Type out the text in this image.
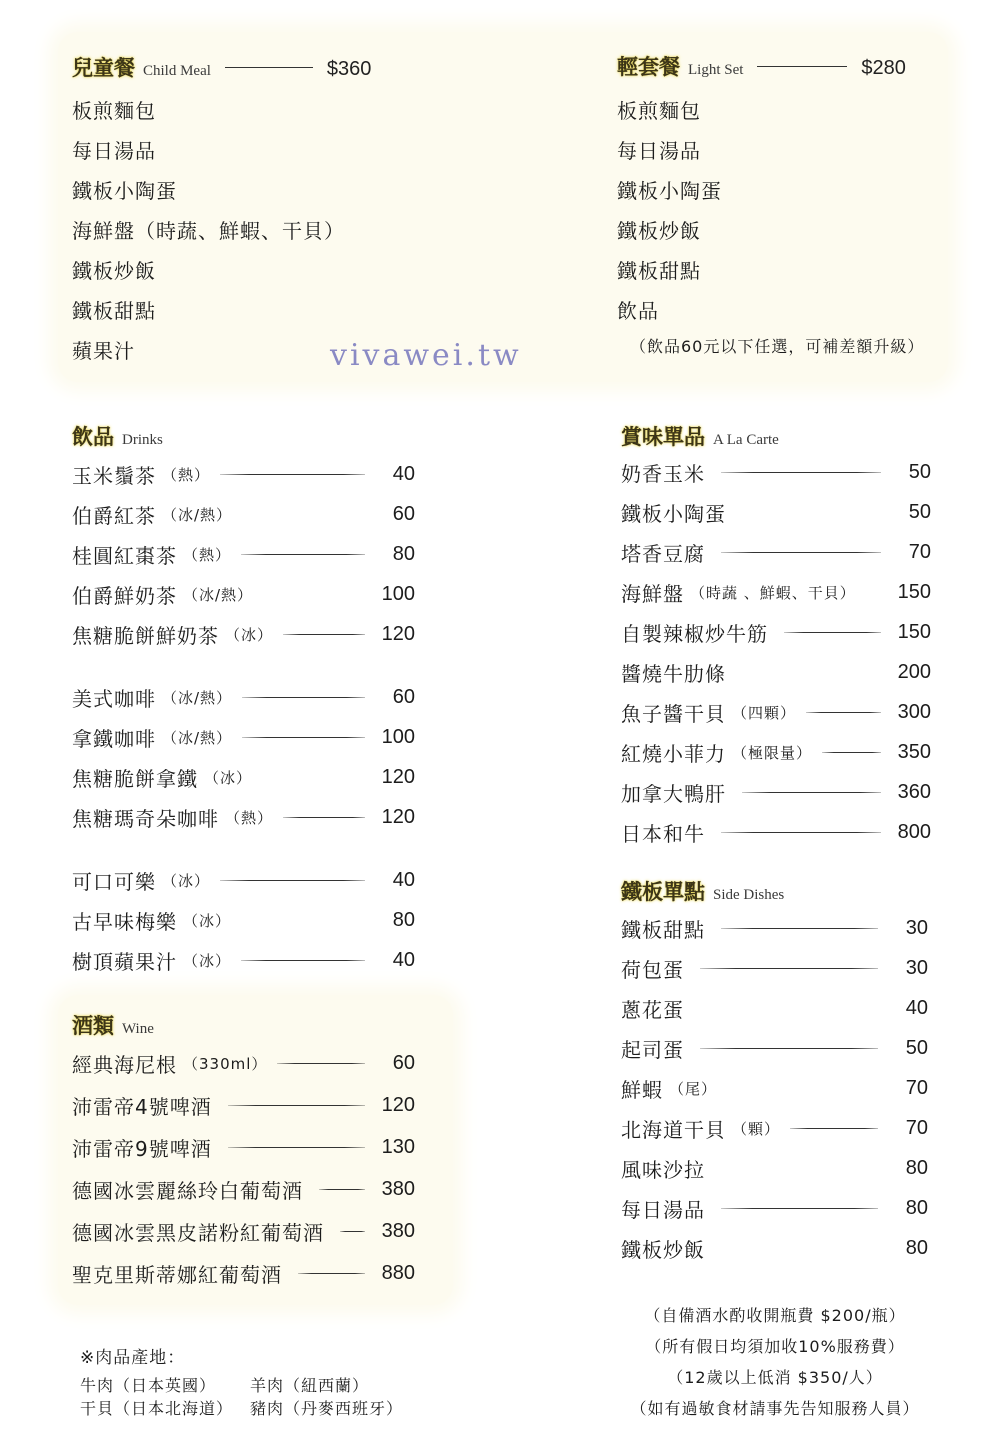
兒童餐 Child Meal	$360
板煎麵包
每日湯品
鐵板小陶蛋
海鮮盤（時蔬、鮮蝦、干貝）
鐵板炒飯
鐵板甜點
蘋果汁
輕套餐 Light Set	$280
板煎麵包
每日湯品
鐵板小陶蛋
鐵板炒飯
鐵板甜點
飲品
（飲品60元以下任選，可補差額升級）
vivawei.tw
飲品 Drinks
玉米鬚茶 （熱）	40
伯爵紅茶 （冰/熱）	60
桂圓紅棗茶 （熱）	80
伯爵鮮奶茶 （冰/熱）	100
焦糖脆餅鮮奶茶 （冰）	120
美式咖啡 （冰/熱）	60
拿鐵咖啡 （冰/熱）	100
焦糖脆餅拿鐵 （冰）	120
焦糖瑪奇朵咖啡 （熱）	120
可口可樂 （冰）	40
古早味梅樂 （冰）	80
樹頂蘋果汁 （冰）	40
酒類 Wine
經典海尼根 （330ml）	60
沛雷帝4號啤酒	120
沛雷帝9號啤酒	130
德國冰雲麗絲玲白葡萄酒	380
德國冰雲黑皮諾粉紅葡萄酒	380
聖克里斯蒂娜紅葡萄酒	880
※肉品產地：
牛肉（日本英國） 羊肉（紐西蘭）
干貝（日本北海道） 豬肉（丹麥西班牙）
賞味單品 A La Carte
奶香玉米	50
鐵板小陶蛋	50
塔香豆腐	70
海鮮盤 （時蔬 、鮮蝦、干貝）	150
自製辣椒炒牛筋	150
醬燒牛肋條	200
魚子醬干貝 （四顆）	300
紅燒小菲力 （極限量）	350
加拿大鴨肝	360
日本和牛	800
鐵板單點 Side Dishes
鐵板甜點	30
荷包蛋	30
蔥花蛋	40
起司蛋	50
鮮蝦 （尾）	70
北海道干貝 （顆）	70
風味沙拉	80
每日湯品	80
鐵板炒飯	80
（自備酒水酌收開瓶費 $200/瓶）
（所有假日均須加收10%服務費）
（12歲以上低消 $350/人）
（如有過敏食材請事先告知服務人員）
